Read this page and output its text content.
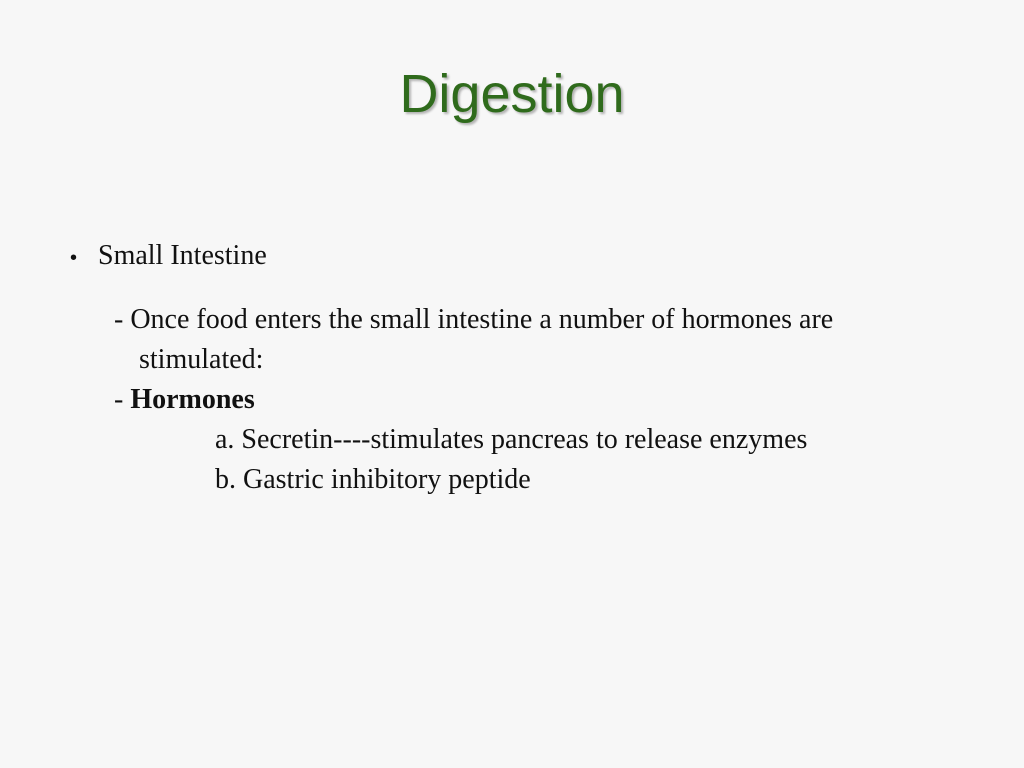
Digestion
• Small Intestine
- Once food enters the small intestine a number of hormones are
stimulated:
- Hormones
a. Secretin----stimulates pancreas to release enzymes
b. Gastric inhibitory peptide
